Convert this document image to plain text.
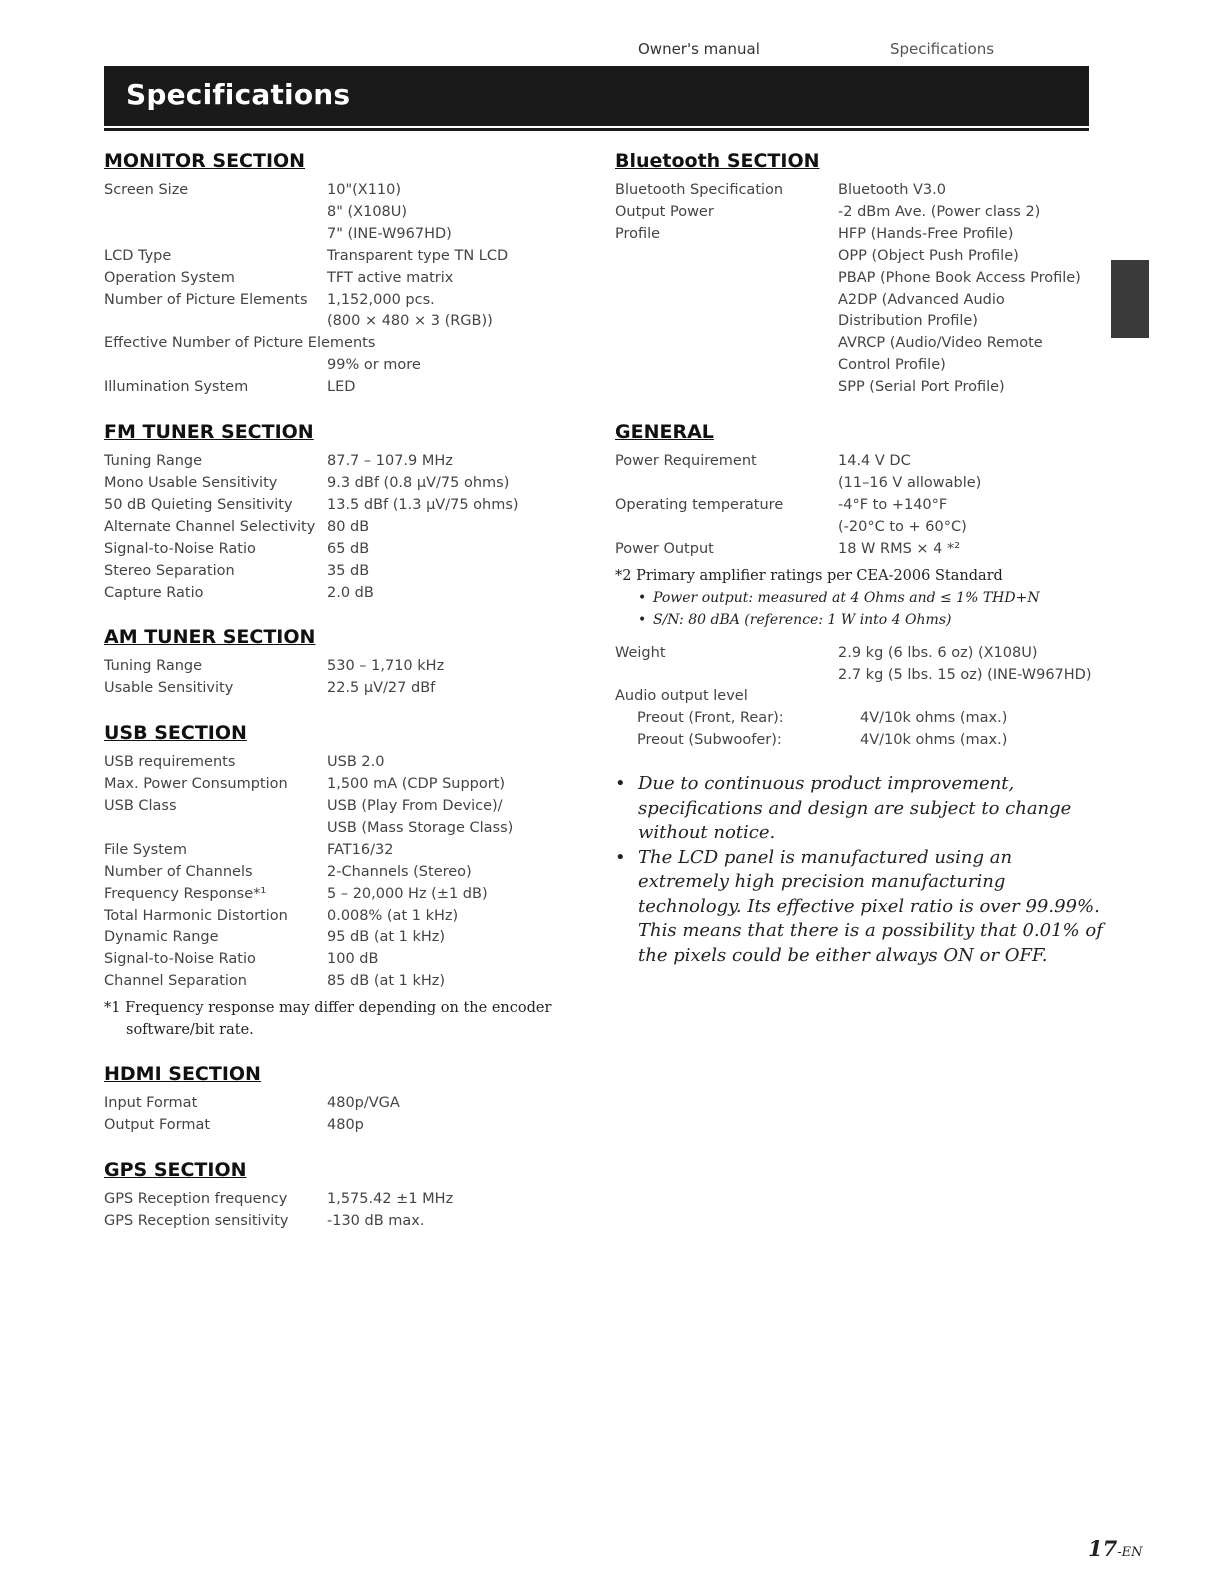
Owner's manual	Specifications
Specifications
MONITOR SECTION
Screen Size	10"(X110)
8" (X108U)
7" (INE-W967HD)
LCD Type	Transparent type TN LCD
Operation System	TFT active matrix
Number of Picture Elements	1,152,000 pcs.
(800 × 480 × 3 (RGB))
Effective Number of Picture Elements
99% or more
Illumination System	LED
FM TUNER SECTION
Tuning Range	87.7 – 107.9 MHz
Mono Usable Sensitivity	9.3 dBf (0.8 µV/75 ohms)
50 dB Quieting Sensitivity	13.5 dBf (1.3 µV/75 ohms)
Alternate Channel Selectivity 80 dB
Signal-to-Noise Ratio	65 dB
Stereo Separation	35 dB
Capture Ratio	2.0 dB
AM TUNER SECTION
Tuning Range	530 – 1,710 kHz
Usable Sensitivity	22.5 µV/27 dBf
USB SECTION
USB requirements	USB 2.0
Max. Power Consumption	1,500 mA (CDP Support)
USB Class	USB (Play From Device)/
USB (Mass Storage Class)
File System	FAT16/32
Number of Channels	2-Channels (Stereo)
Frequency Response*¹	5 – 20,000 Hz (±1 dB)
Total Harmonic Distortion	0.008% (at 1 kHz)
Dynamic Range	95 dB (at 1 kHz)
Signal-to-Noise Ratio	100 dB
Channel Separation	85 dB (at 1 kHz)
*1 Frequency response may differ depending on the encoder
software/bit rate.
HDMI SECTION
Input Format	480p/VGA
Output Format	480p
GPS SECTION
GPS Reception frequency	1,575.42 ±1 MHz
GPS Reception sensitivity	-130 dB max.
Bluetooth SECTION
Bluetooth Specification	Bluetooth V3.0
Output Power	-2 dBm Ave. (Power class 2)
Profile	HFP (Hands-Free Profile)
OPP (Object Push Profile)
PBAP (Phone Book Access Profile)
A2DP (Advanced Audio
Distribution Profile)
AVRCP (Audio/Video Remote
Control Profile)
SPP (Serial Port Profile)
GENERAL
Power Requirement	14.4 V DC
(11–16 V allowable)
Operating temperature	-4°F to +140°F
(-20°C to + 60°C)
Power Output	18 W RMS × 4 *²
*2 Primary amplifier ratings per CEA-2006 Standard
• Power output: measured at 4 Ohms and ≤ 1% THD+N
• S/N: 80 dBA (reference: 1 W into 4 Ohms)
Weight	2.9 kg (6 lbs. 6 oz) (X108U)
2.7 kg (5 lbs. 15 oz) (INE-W967HD)
Audio output level
Preout (Front, Rear):	4V/10k ohms (max.)
Preout (Subwoofer):	4V/10k ohms (max.)
• Due to continuous product improvement, specifications and design are subject to change without notice.
• The LCD panel is manufactured using an extremely high precision manufacturing technology. Its effective pixel ratio is over 99.99%. This means that there is a possibility that 0.01% of the pixels could be either always ON or OFF.
17-EN
